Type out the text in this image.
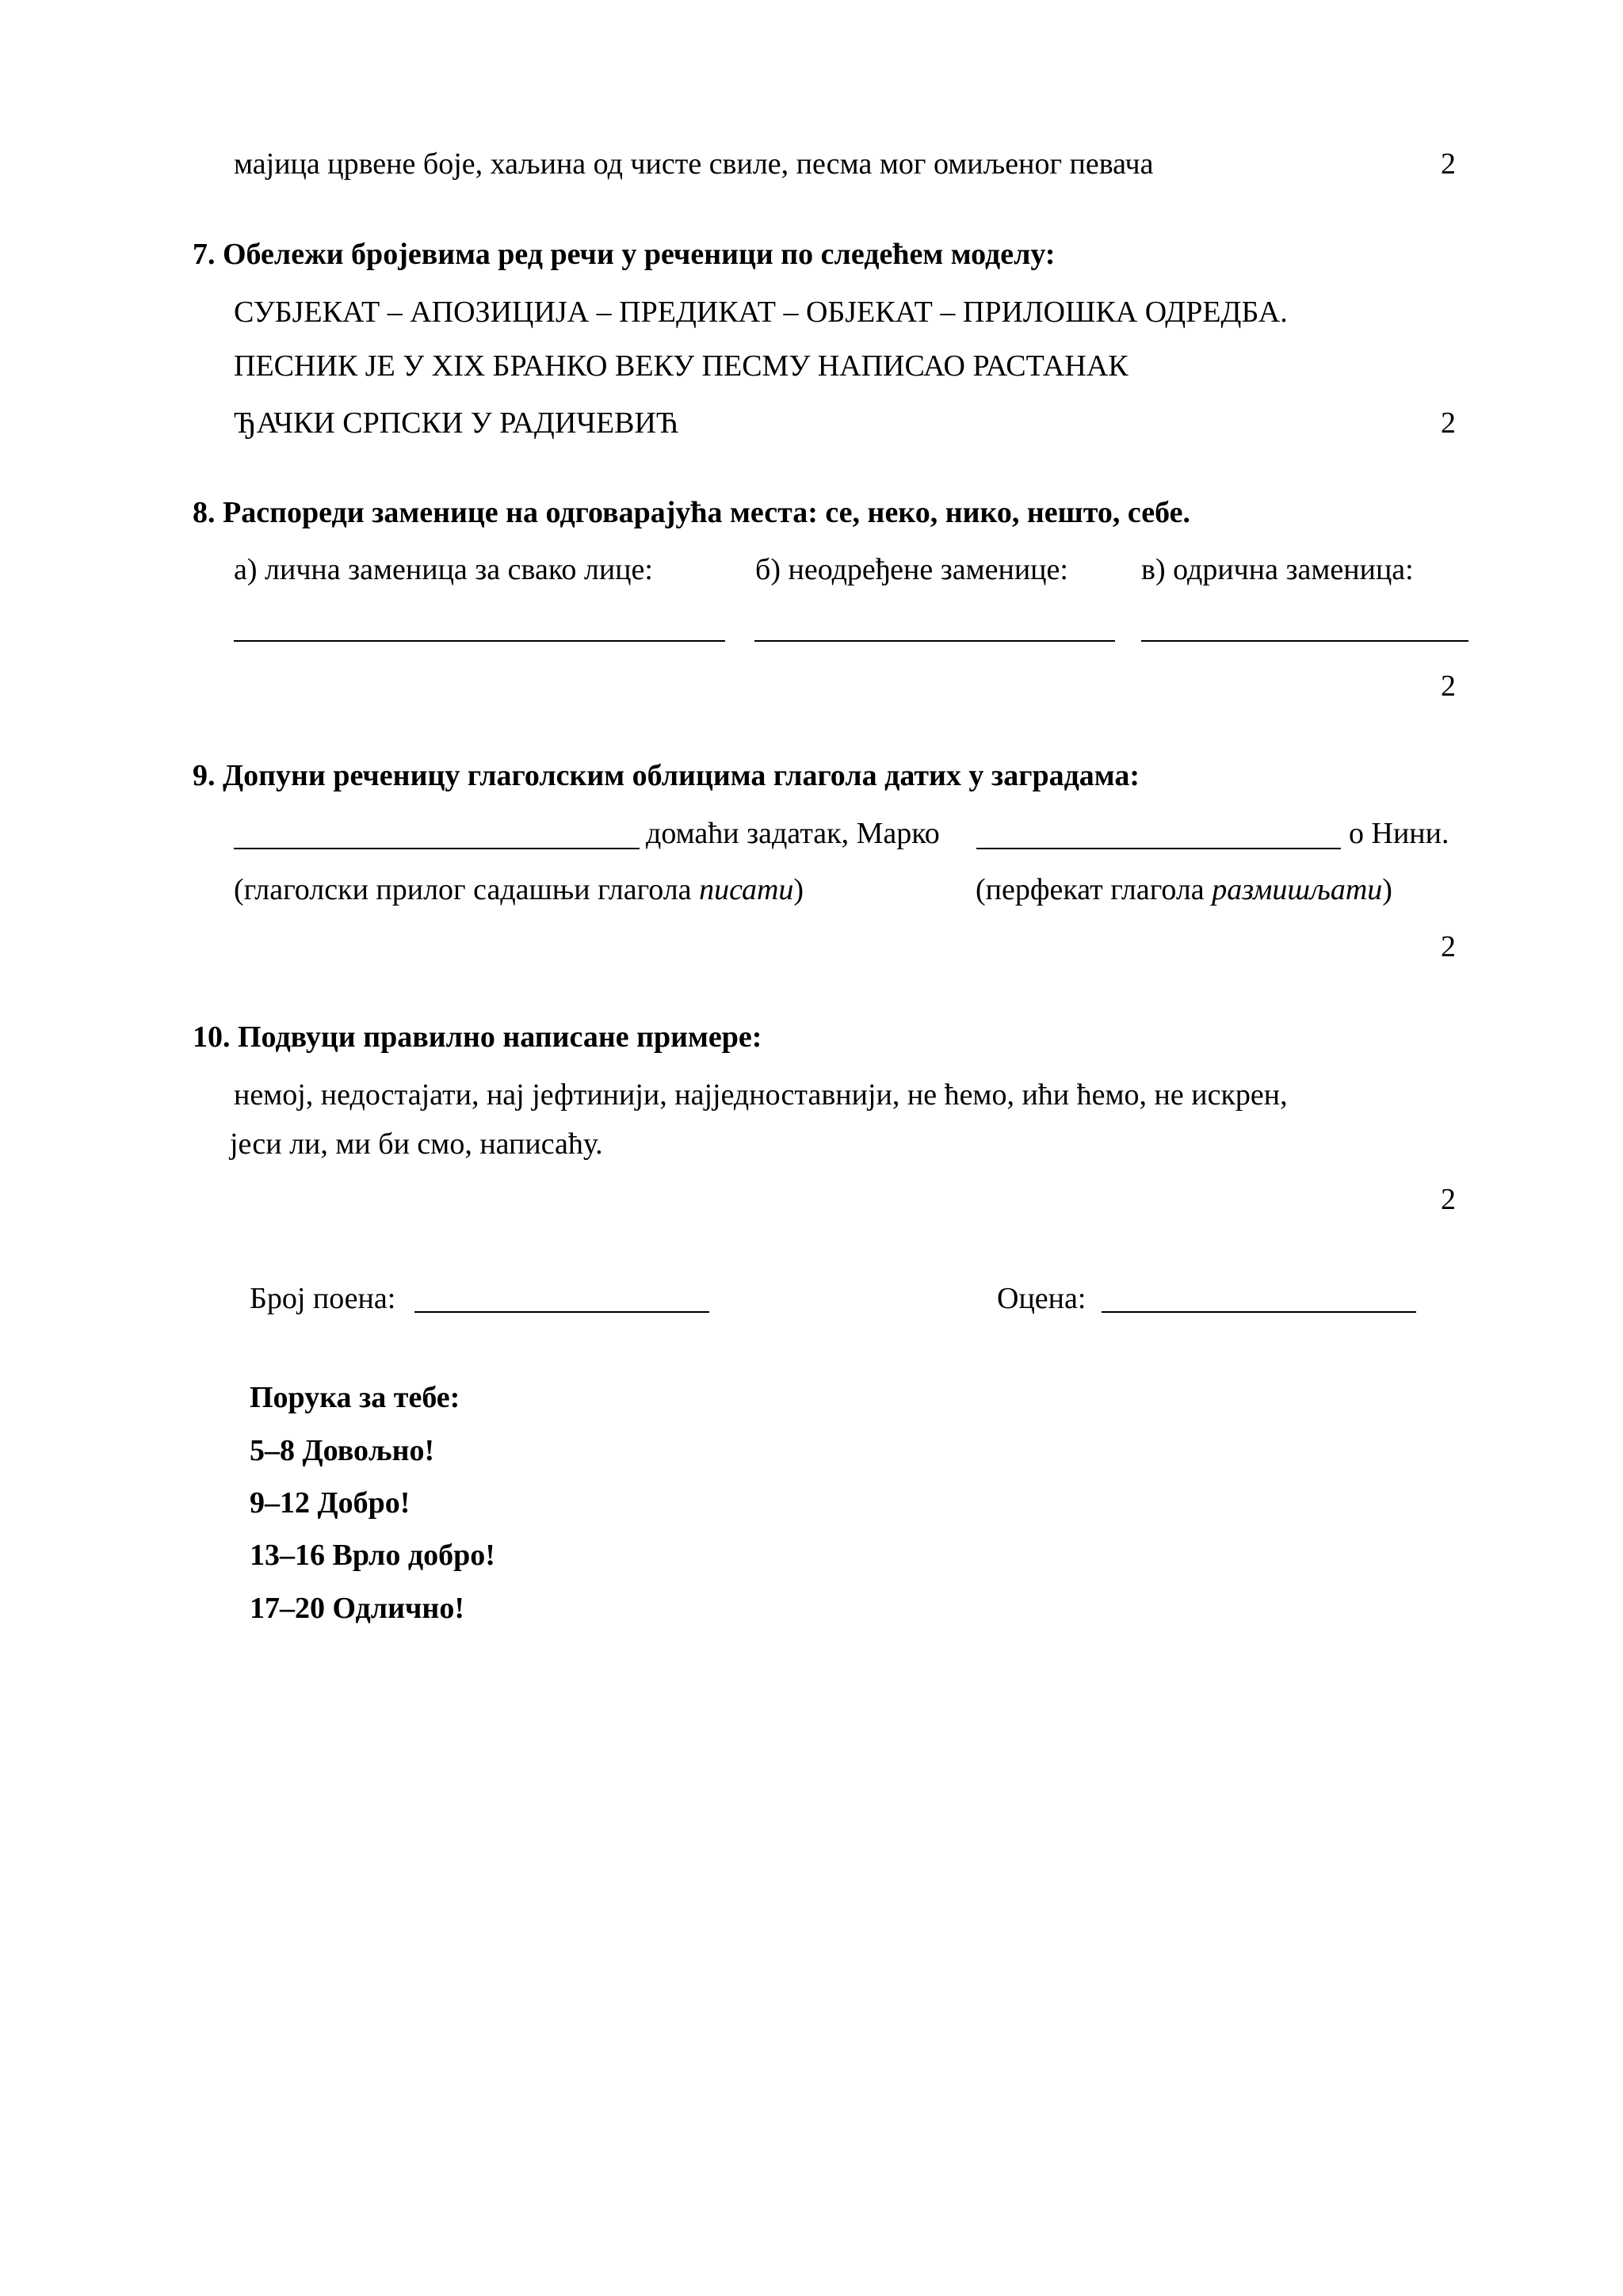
мајица црвене боје, хаљина од чисте свиле, песма мог омиљеног певача	2
7. Обележи бројевима ред речи у реченици по следећем моделу:
СУБЈЕКАТ – АПОЗИЦИЈА – ПРЕДИКАТ – ОБЈЕКАТ – ПРИЛОШКА ОДРЕДБА.
ПЕСНИК ЈЕ У XIX БРАНКО ВЕКУ ПЕСМУ НАПИСАО РАСТАНАК
ЂАЧКИ СРПСКИ У РАДИЧЕВИЋ	2
8. Распореди заменице на одговарајућа места: се, неко, нико, нешто, себе.
а) лична заменица за свако лице:	б) неодређене заменице: в) одрична заменица:
2
9. Допуни реченицу глаголским облицима глагола датих у заградама:
домаћи задатак, Марко	о Нини.
(глаголски прилог садашњи глагола писати)	(перфекат глагола размишљати)
2
10. Подвуци правилно написане примере:
немој, недостајати, нај јефтинији, најједноставнији, не ћемо, ићи ћемо, не искрен,
јеси ли, ми би смо, написаћу.
2
Број поена:	Оцена:
Порука за тебе:
5–8 Довољно!
9–12 Добро!
13–16 Врло добро!
17–20 Одлично!
